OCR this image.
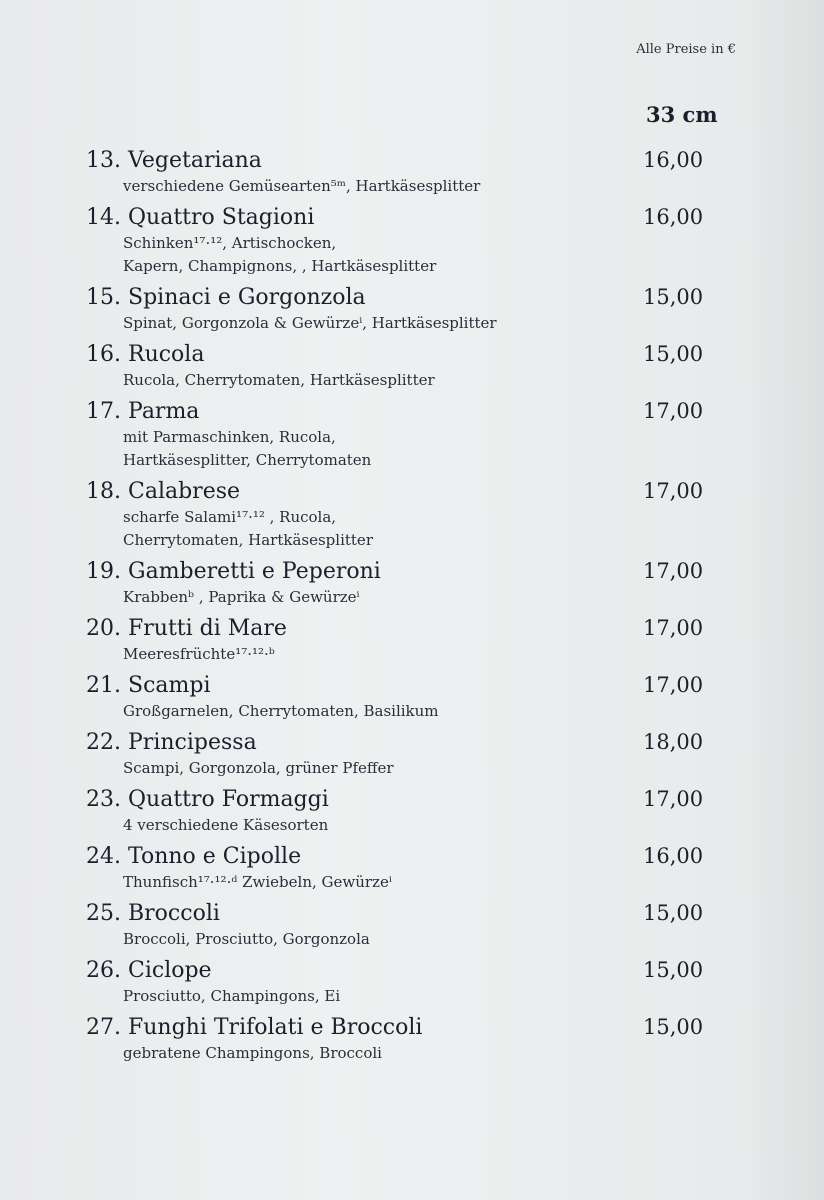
Alle Preise in €
33 cm
13. Vegetariana
verschiedene Gemüsearten⁵ᵐ, Hartkäsesplitter
16,00
14. Quattro Stagioni
Schinken¹⁷·¹², Artischocken,
Kapern, Champignons, , Hartkäsesplitter
16,00
15. Spinaci e Gorgonzola
Spinat, Gorgonzola & Gewürzeⁱ, Hartkäsesplitter
15,00
16. Rucola
Rucola, Cherrytomaten, Hartkäsesplitter
15,00
17. Parma
mit Parmaschinken, Rucola,
Hartkäsesplitter, Cherrytomaten
17,00
18. Calabrese
scharfe Salami¹⁷·¹² , Rucola,
Cherrytomaten, Hartkäsesplitter
17,00
19. Gamberetti e Peperoni
Krabbenᵇ , Paprika & Gewürzeⁱ
17,00
20. Frutti di Mare
Meeresfrüchte¹⁷·¹²·ᵇ
17,00
21. Scampi
Großgarnelen, Cherrytomaten, Basilikum
17,00
22. Principessa
Scampi, Gorgonzola, grüner Pfeffer
18,00
23. Quattro Formaggi
4 verschiedene Käsesorten
17,00
24. Tonno e Cipolle
Thunfisch¹⁷·¹²·ᵈ Zwiebeln, Gewürzeⁱ
16,00
25. Broccoli
Broccoli, Prosciutto, Gorgonzola
15,00
26. Ciclope
Prosciutto, Champingons, Ei
15,00
27. Funghi Trifolati e Broccoli
gebratene Champingons, Broccoli
15,00
